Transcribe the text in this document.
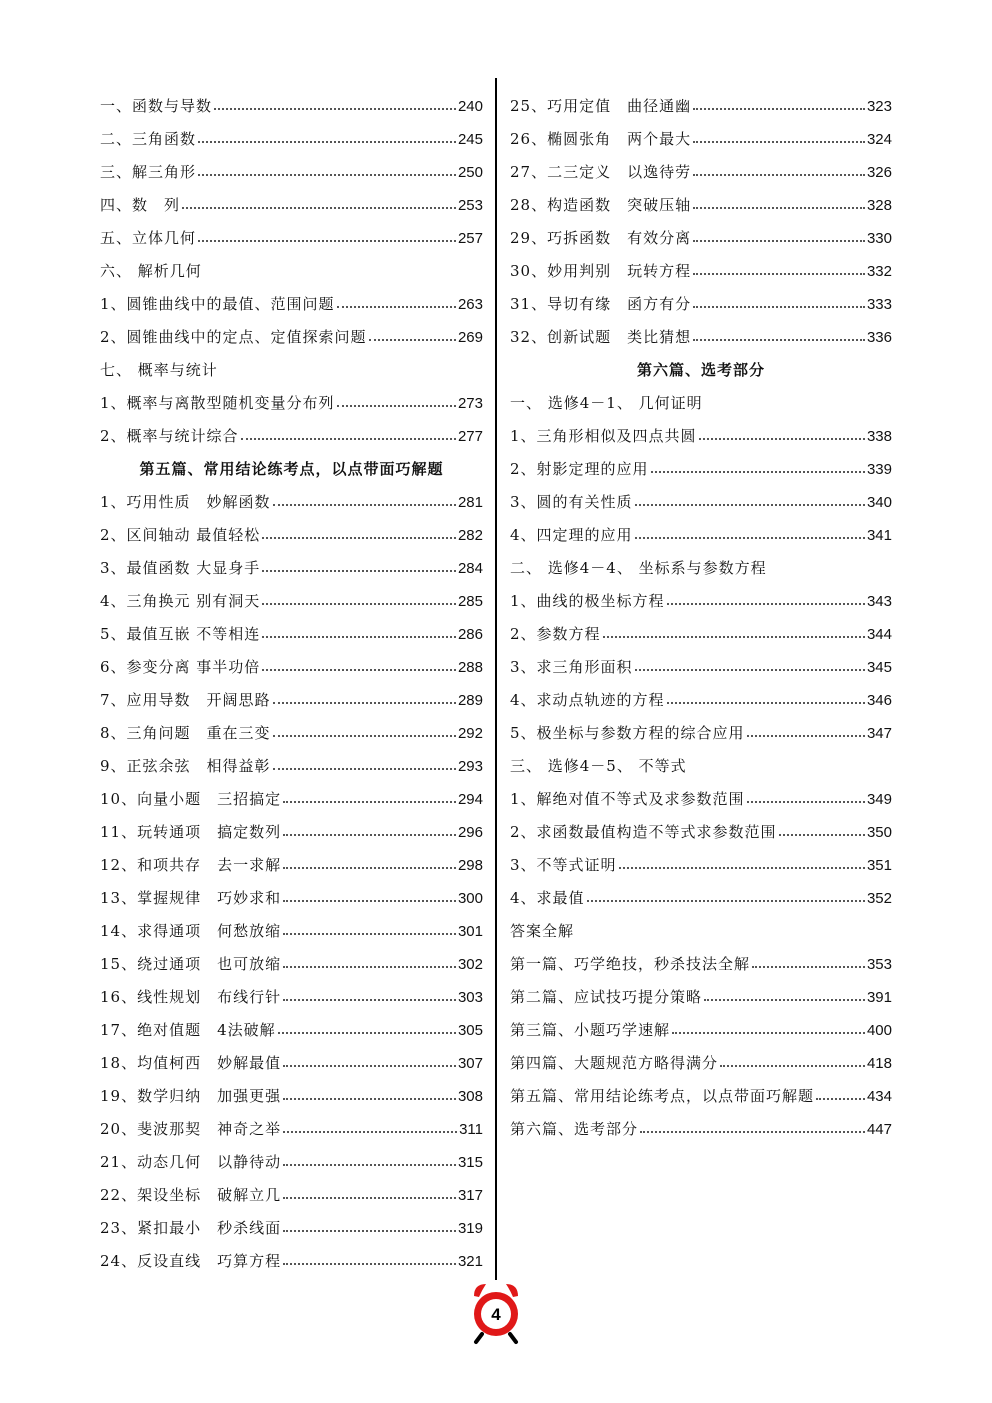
一、函数与导数	240
二、三角函数	245
三、解三角形	250
四、数　列	253
五、立体几何	257
六、 解析几何
1、圆锥曲线中的最值、范围问题	263
2、圆锥曲线中的定点、定值探索问题	269
七、 概率与统计
1、概率与离散型随机变量分布列	273
2、概率与统计综合	277
第五篇、常用结论练考点，以点带面巧解题
1、巧用性质　妙解函数	281
2、区间轴动 最值轻松	282
3、最值函数 大显身手	284
4、三角换元 别有洞天	285
5、最值互嵌 不等相连	286
6、参变分离 事半功倍	288
7、应用导数　开阔思路	289
8、三角问题　重在三变	292
9、正弦余弦　相得益彰	293
10、向量小题　三招搞定	294
11、玩转通项　搞定数列	296
12、和项共存　去一求解	298
13、掌握规律　巧妙求和	300
14、求得通项　何愁放缩	301
15、绕过通项　也可放缩	302
16、线性规划　布线行针	303
17、绝对值题　4法破解	305
18、均值柯西　妙解最值	307
19、数学归纳　加强更强	308
20、斐波那契　神奇之举	311
21、动态几何　以静待动	315
22、架设坐标　破解立几	317
23、紧扣最小　秒杀线面	319
24、反设直线　巧算方程	321
25、巧用定值　曲径通幽	323
26、椭圆张角　两个最大	324
27、二三定义　以逸待劳	326
28、构造函数　突破压轴	328
29、巧拆函数　有效分离	330
30、妙用判别　玩转方程	332
31、导切有缘　函方有分	333
32、创新试题　类比猜想	336
第六篇、选考部分
一、 选修4－1、 几何证明
1、三角形相似及四点共圆	338
2、射影定理的应用	339
3、圆的有关性质	340
4、四定理的应用	341
二、 选修4－4、 坐标系与参数方程
1、曲线的极坐标方程	343
2、参数方程	344
3、求三角形面积	345
4、求动点轨迹的方程	346
5、极坐标与参数方程的综合应用	347
三、 选修4－5、 不等式
1、解绝对值不等式及求参数范围	349
2、求函数最值构造不等式求参数范围	350
3、不等式证明	351
4、求最值	352
答案全解
第一篇、巧学绝技，秒杀技法全解	353
第二篇、应试技巧提分策略	391
第三篇、小题巧学速解	400
第四篇、大题规范方略得满分	418
第五篇、常用结论练考点，以点带面巧解题	434
第六篇、选考部分	447
4
